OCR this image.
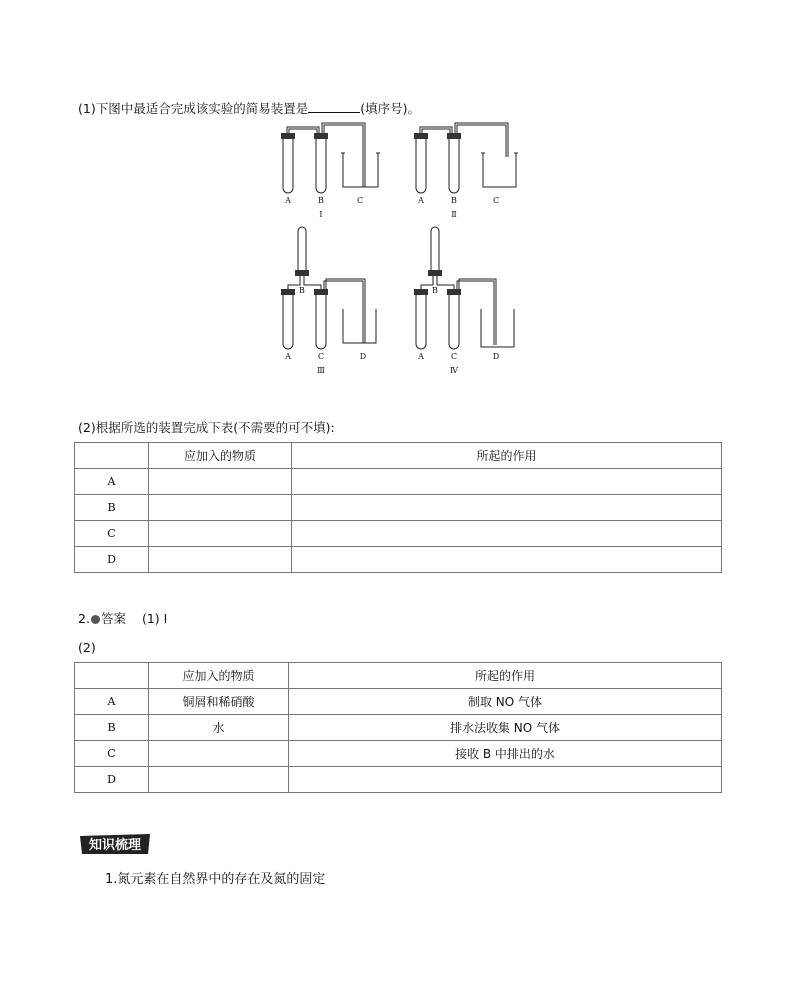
(1)下图中最适合完成该实验的简易装置是	(填序号)。
A	B	C
Ⅰ
A	B	C
Ⅱ
B
A	C	D
Ⅲ
B
A	C	D
Ⅳ
(2)根据所选的装置完成下表(不需要的可不填):
	应加入的物质	所起的作用
A		
B		
C		
D		
2. 答案 (1) Ⅰ
(2)
	应加入的物质	所起的作用
A	铜屑和稀硝酸	制取 NO 气体
B	水	排水法收集 NO 气体
C		接收 B 中排出的水
D		
知识梳理
1.氮元素在自然界中的存在及氮的固定
